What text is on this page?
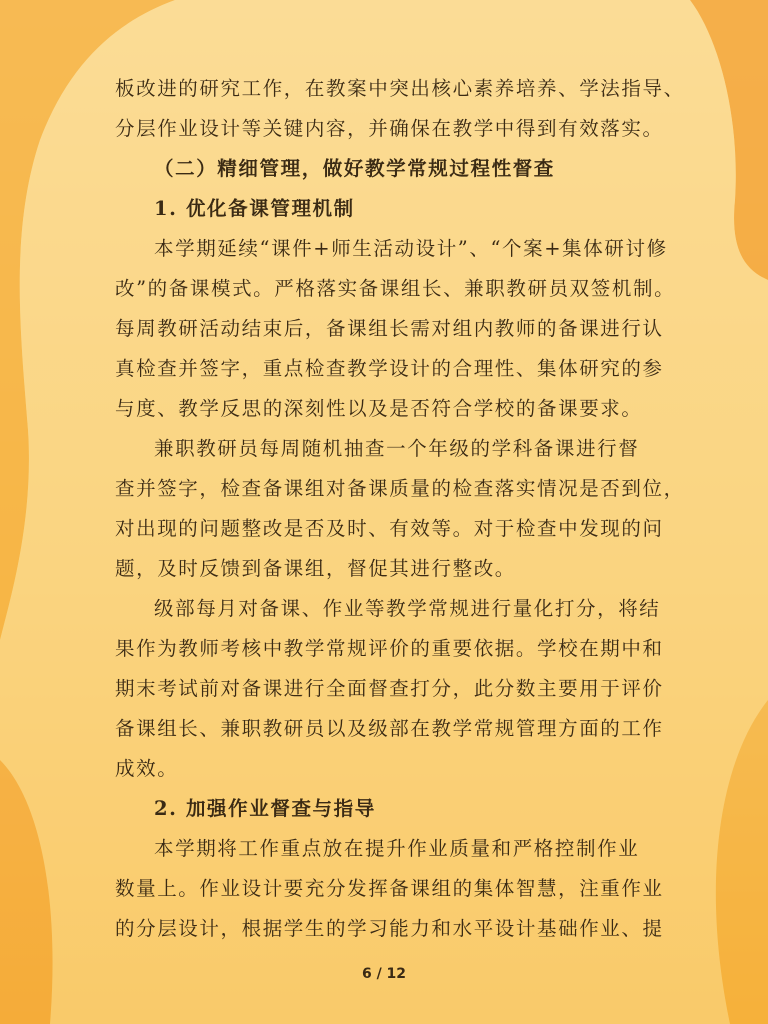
板改进的研究工作，在教案中突出核心素养培养、学法指导、
分层作业设计等关键内容，并确保在教学中得到有效落实。
（二）精细管理，做好教学常规过程性督查
1. 优化备课管理机制
本学期延续“课件+师生活动设计”、“个案+集体研讨修
改”的备课模式。严格落实备课组长、兼职教研员双签机制。
每周教研活动结束后，备课组长需对组内教师的备课进行认
真检查并签字，重点检查教学设计的合理性、集体研究的参
与度、教学反思的深刻性以及是否符合学校的备课要求。
兼职教研员每周随机抽查一个年级的学科备课进行督
查并签字，检查备课组对备课质量的检查落实情况是否到位，
对出现的问题整改是否及时、有效等。对于检查中发现的问
题，及时反馈到备课组，督促其进行整改。
级部每月对备课、作业等教学常规进行量化打分，将结
果作为教师考核中教学常规评价的重要依据。学校在期中和
期末考试前对备课进行全面督查打分，此分数主要用于评价
备课组长、兼职教研员以及级部在教学常规管理方面的工作
成效。
2. 加强作业督查与指导
本学期将工作重点放在提升作业质量和严格控制作业
数量上。作业设计要充分发挥备课组的集体智慧，注重作业
的分层设计，根据学生的学习能力和水平设计基础作业、提
6 / 12
